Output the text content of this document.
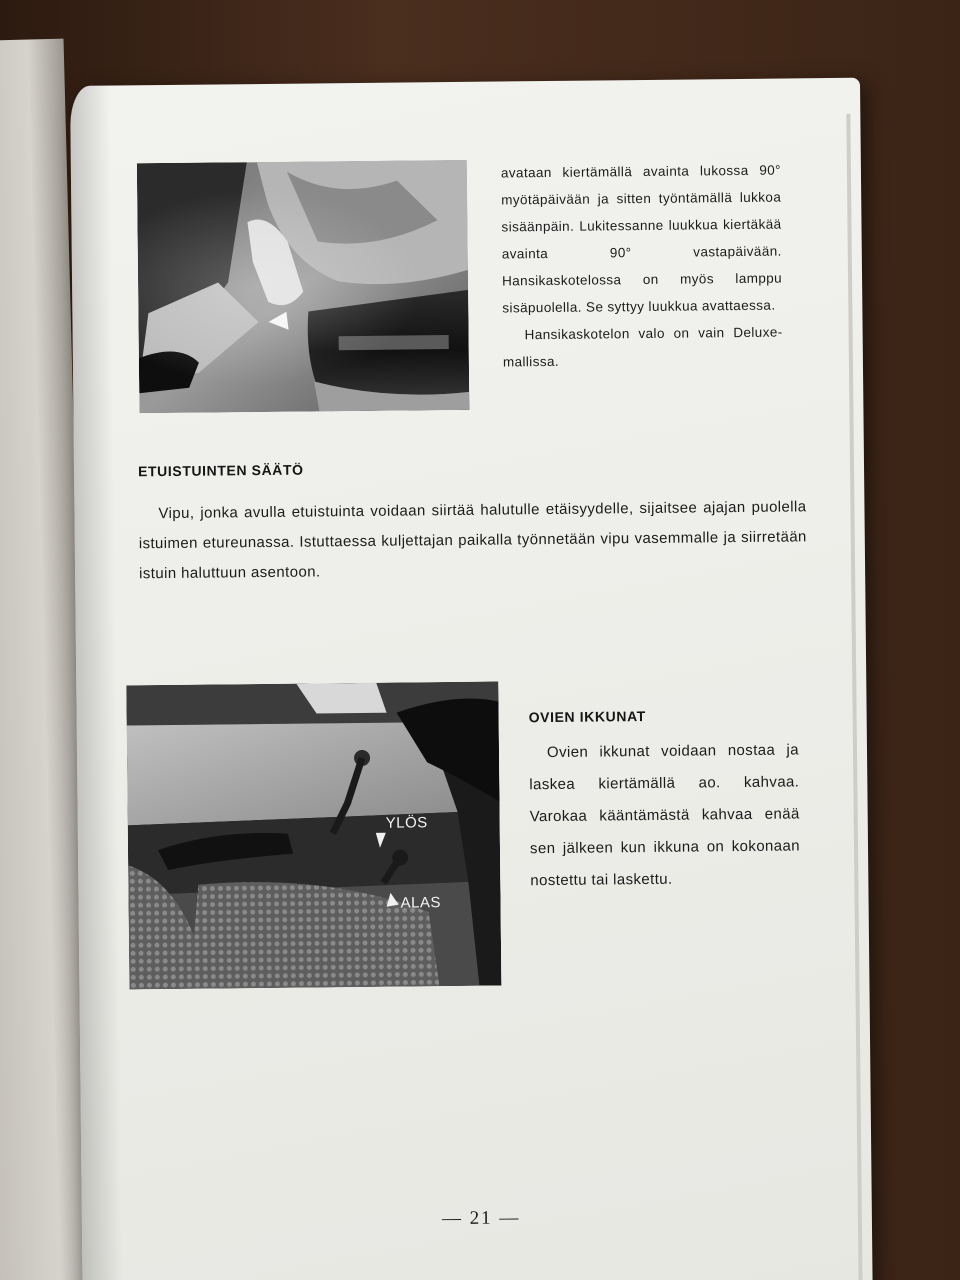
avataan kiertämällä avainta lukossa 90° myötäpäivään ja sitten työntämällä lukkoa sisäänpäin. Lukitessanne luukkua kiertäkää avainta 90° vastapäivään. Hansikaskotelossa on myös lamppu sisäpuolella. Se syttyy luukkua avattaessa.

Hansikaskotelon valo on vain Deluxe-mallissa.

ETUISTUINTEN SÄÄTÖ

Vipu, jonka avulla etuistuinta voidaan siirtää halutulle etäisyydelle, sijaitsee ajajan puolella istuimen etureunassa. Istuttaessa kuljettajan paikalla työnnetään vipu vasemmalle ja siirretään istuin haluttuun asentoon.

YLÖS
ALAS
OVIEN IKKUNAT

Ovien ikkunat voidaan nostaa ja laskea kiertämällä ao. kahvaa. Varokaa kääntämästä kahvaa enää sen jälkeen kun ikkuna on kokonaan nostettu tai laskettu.

— 21 —
